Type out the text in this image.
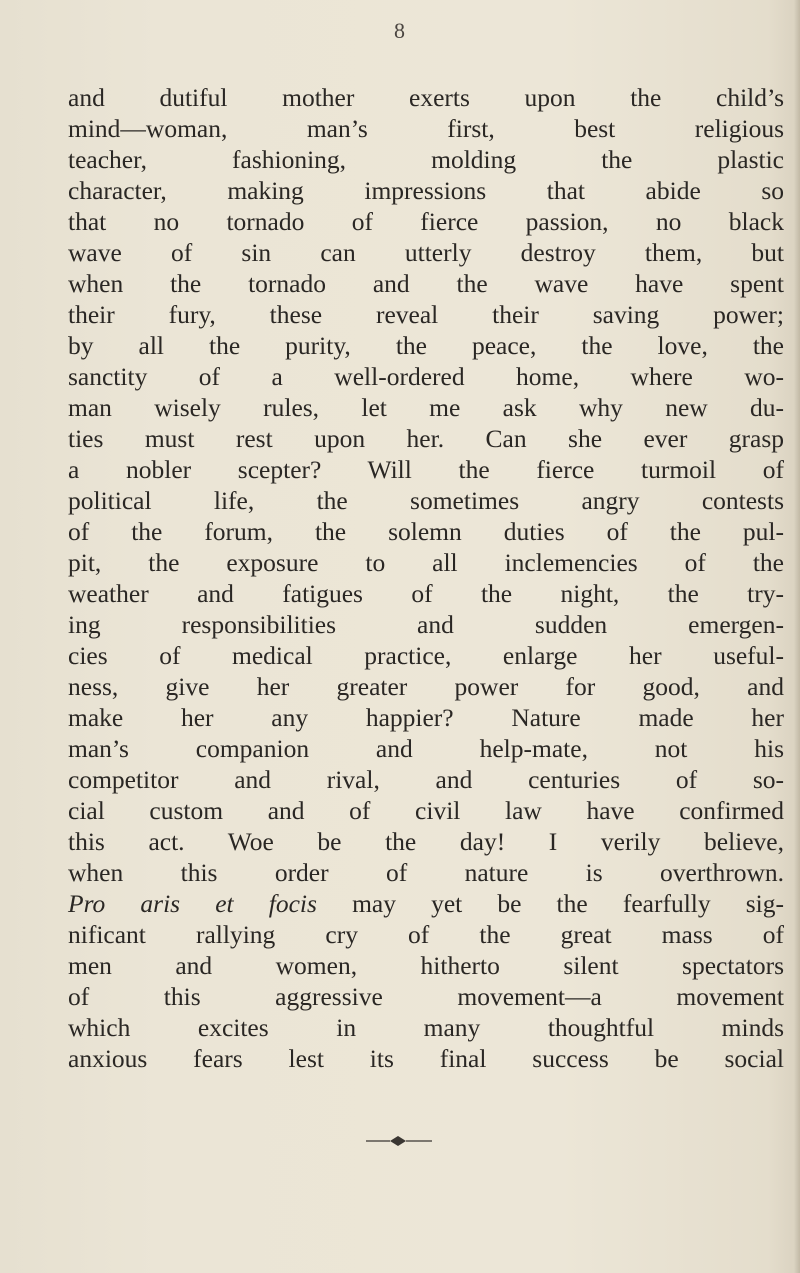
8
and dutiful mother exerts upon the child’s
mind—woman, man’s first, best religious
teacher, fashioning, molding the plastic
character, making impressions that abide so
that no tornado of fierce passion, no black
wave of sin can utterly destroy them, but
when the tornado and the wave have spent
their fury, these reveal their saving power;
by all the purity, the peace, the love, the
sanctity of a well-ordered home, where wo-
man wisely rules, let me ask why new du-
ties must rest upon her. Can she ever grasp
a nobler scepter? Will the fierce turmoil of
political life, the sometimes angry contests
of the forum, the solemn duties of the pul-
pit, the exposure to all inclemencies of the
weather and fatigues of the night, the try-
ing responsibilities and sudden emergen-
cies of medical practice, enlarge her useful-
ness, give her greater power for good, and
make her any happier? Nature made her
man’s companion and help-mate, not his
competitor and rival, and centuries of so-
cial custom and of civil law have confirmed
this act. Woe be the day! I verily believe,
when this order of nature is overthrown.
Pro aris et focis may yet be the fearfully sig-
nificant rallying cry of the great mass of
men and women, hitherto silent spectators
of this aggressive movement—a movement
which excites in many thoughtful minds
anxious fears lest its final success be social
